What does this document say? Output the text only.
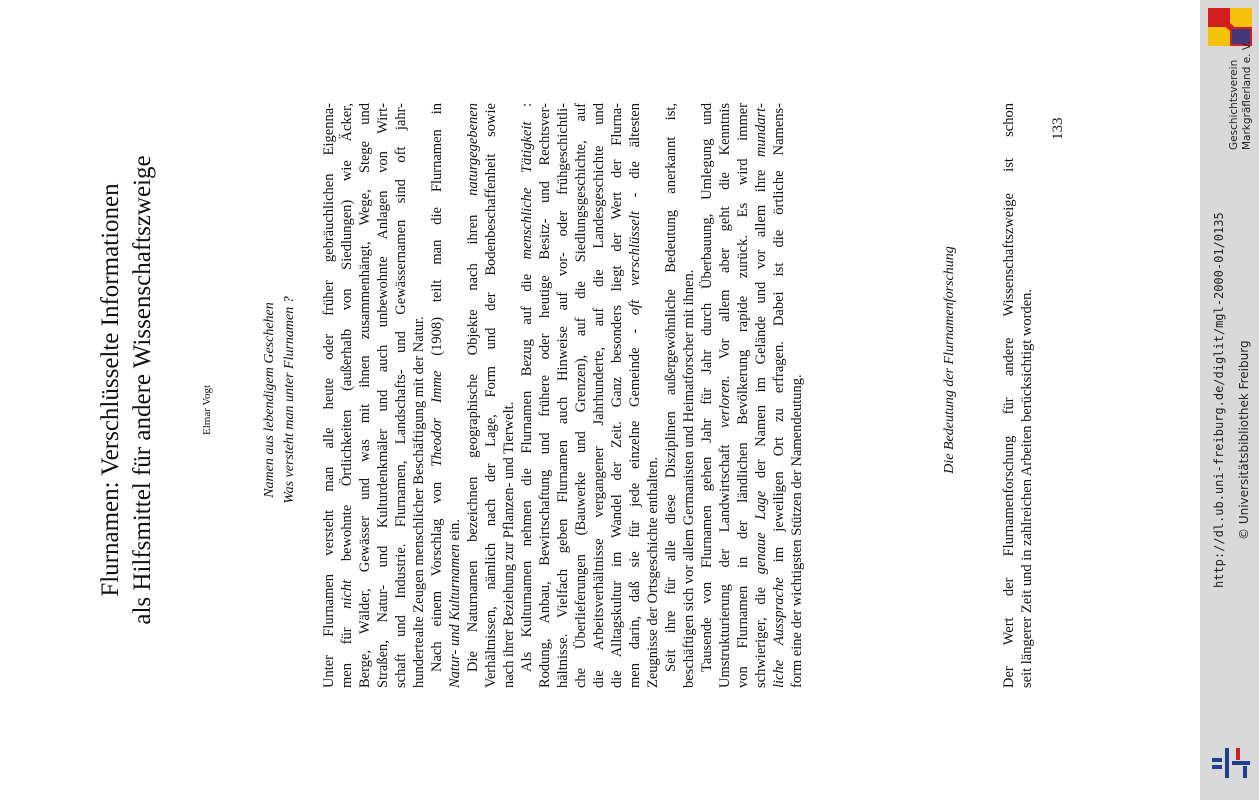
Flurnamen: Verschlüsselte Informationen als Hilfsmittel für andere Wissenschaftszweige	Elmar Vogt	Namen aus lebendigem Geschehen Was versteht man unter Flurnamen ? Unter Flurnamen versteht man alle heute oder früher gebräuchlichen Eigenna- men für nicht bewohnte Örtlichkeiten (außerhalb von Siedlungen) wie Äcker, Berge, Wälder, Gewässer und was mit ihnen zusammenhängt, Wege, Stege und Straßen, Natur- und Kulturdenkmäler und auch unbewohnte Anlagen von Wirt- schaft und Industrie. Flurnamen, Landschafts- und Gewässernamen sind oft jahr- hundertealte Zeugen menschlicher Beschäftigung mit der Natur. Nach einem Vorschlag von Theodor Imme (1908) teilt man die Flurnamen in

Natur- und Kulturnamen ein. Die Naturnamen bezeichnen geographische Objekte nach ihren naturgegebenen Verhältnissen, nämlich nach der Lage, Form und der Bodenbeschaffenheit sowie nach ihrer Beziehung zur Pflanzen- und Tierwelt. Als Kulturnamen nehmen die Flurnamen Bezug auf die menschliche Tätigkeit : Rodung, Anbau, Bewirtschaftung und frühere oder heutige Besitz- und Rechtsver- hältnisse. Vielfach geben Flurnamen auch Hinweise auf vor- oder frühgeschichtli- che Überlieferungen (Bauwerke und Grenzen), auf die Siedlungsgeschichte, auf die Arbeitsverhältnisse vergangener Jahrhunderte, auf die Landesgeschichte und die Alltagskultur im Wandel der Zeit. Ganz besonders liegt der Wert der Flurna- men darin, daß sie für jede einzelne Gemeinde - oft verschlüsselt - die ältesten

Zeugnisse der Ortsgeschichte enthalten. Seit ihre für alle diese Disziplinen außergewöhnliche Bedeutung anerkannt ist, beschäftigen sich vor allem Germanisten und Heimatforscher mit ihnen. Tausende von Flurnamen gehen Jahr für Jahr durch Überbauung, Umlegung und Umstrukturierung der Landwirtschaft verloren. Vor allem aber geht die Kenntnis von Flurnamen in der ländlichen Bevölkerung rapide zurück. Es wird immer schwieriger, die genaue Lage der Namen im Gelände und vor allem ihre mundart-

liche Aussprache im jeweiligen Ort zu erfragen. Dabei ist die örtliche Namens- form eine der wichtigsten Stützen der Namendeutung.

Die Bedeutung der Flurnamenforschung	Der Wert der Flurnamenforschung für andere Wissenschaftszweige ist schon seit längerer Zeit und in zahlreichen Arbeiten berücksichtigt worden.

133	Geschichtsverein Markgräflerland e. V.
http://dl.ub.uni-freiburg.de/diglit/mgl-2000-01/0135 © Universitätsbibliothek Freiburg
